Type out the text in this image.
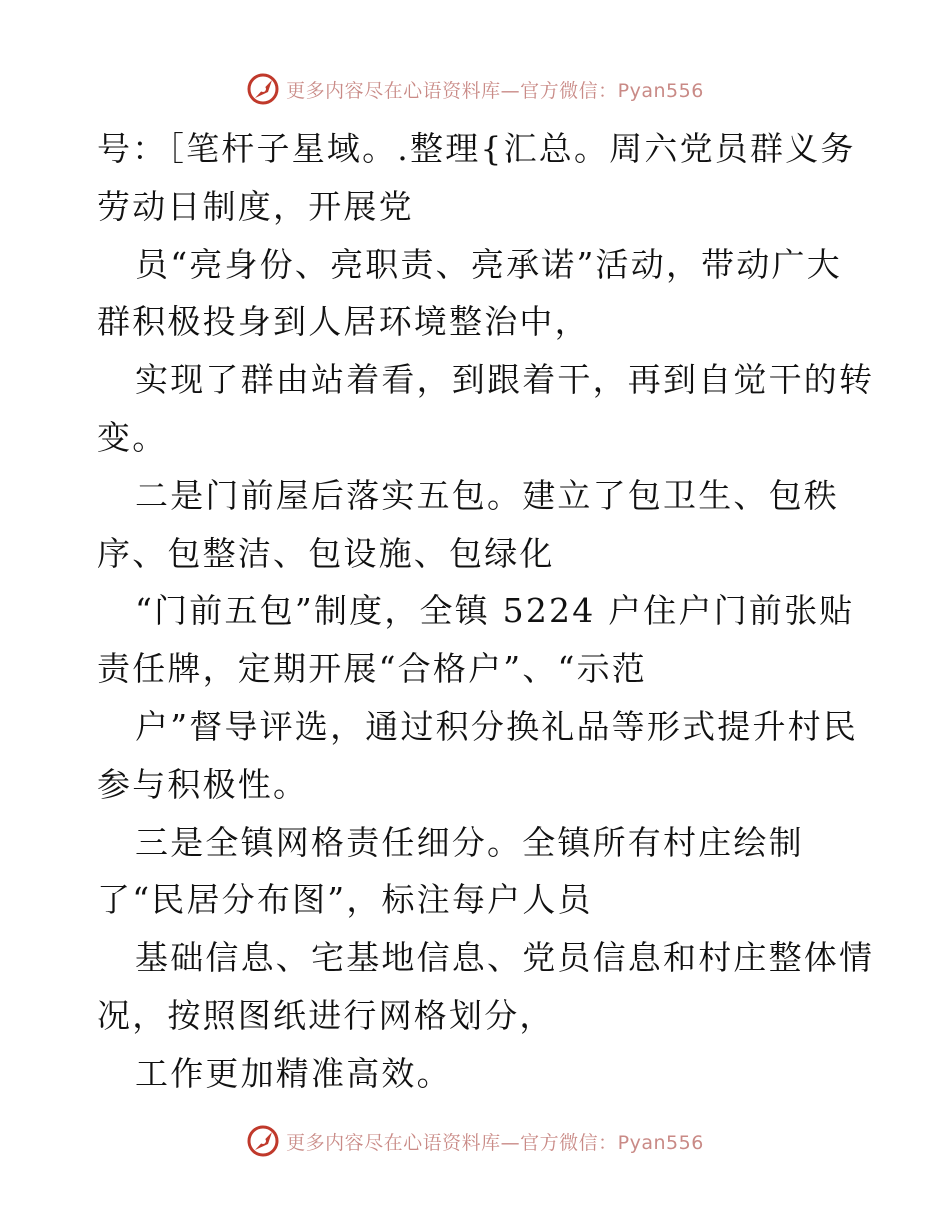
更多内容尽在心语资料库—官方微信：Pyan556
号：［笔杆子星域。.整理{汇总。周六党员群义务
劳动日制度，开展党
员“亮身份、亮职责、亮承诺”活动，带动广大
群积极投身到人居环境整治中，
实现了群由站着看，到跟着干，再到自觉干的转
变。
二是门前屋后落实五包。建立了包卫生、包秩
序、包整洁、包设施、包绿化
“门前五包”制度，全镇 5224 户住户门前张贴
责任牌，定期开展“合格户”、“示范
户”督导评选，通过积分换礼品等形式提升村民
参与积极性。
三是全镇网格责任细分。全镇所有村庄绘制
了“民居分布图”，标注每户人员
基础信息、宅基地信息、党员信息和村庄整体情
况，按照图纸进行网格划分，
工作更加精准高效。
更多内容尽在心语资料库—官方微信：Pyan556
